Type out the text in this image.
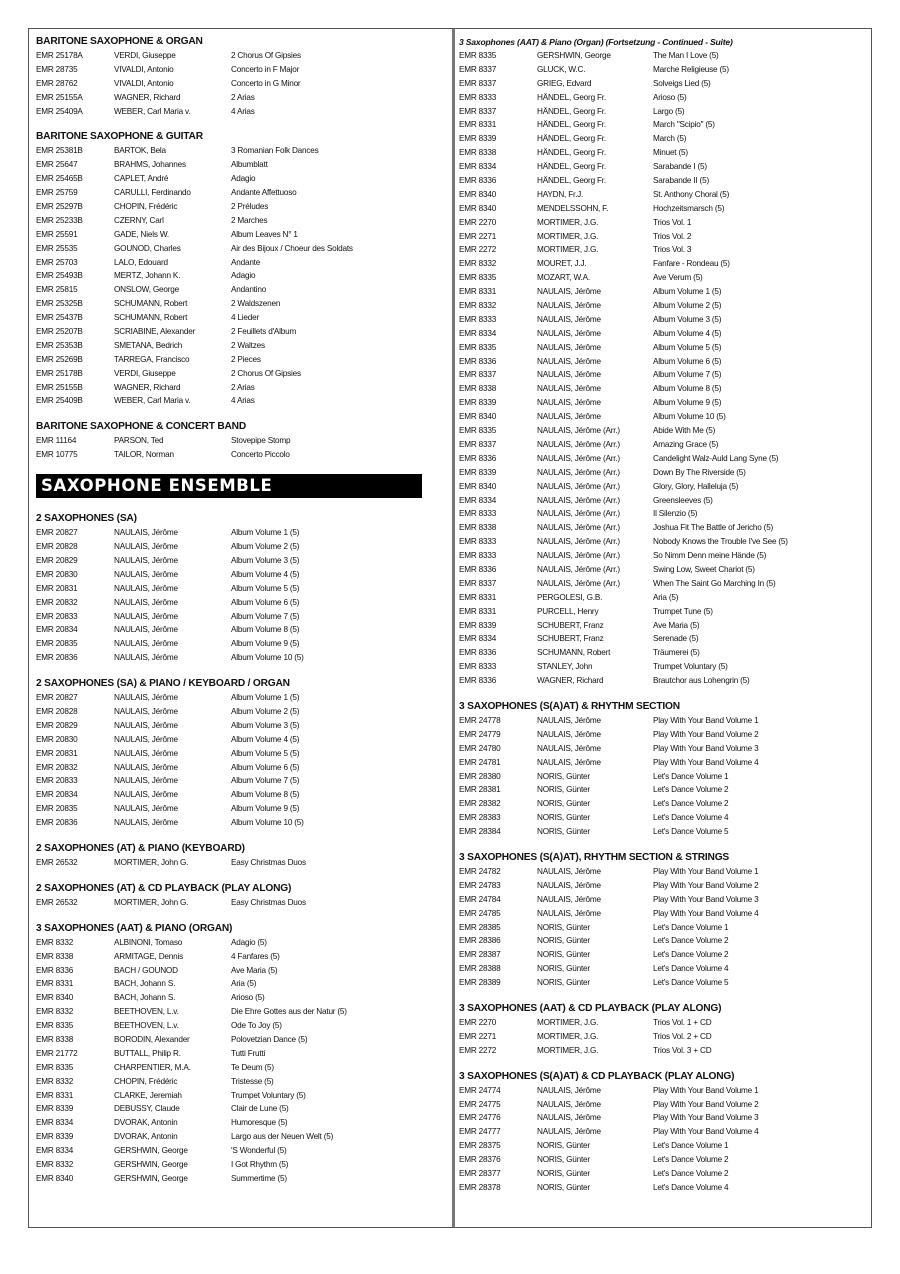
BARITONE SAXOPHONE & ORGAN
EMR 25178A	VERDI, Giuseppe	2 Chorus Of Gipsies
EMR 28735	VIVALDI, Antonio	Concerto in F Major
EMR 28762	VIVALDI, Antonio	Concerto in G Minor
EMR 25155A	WAGNER, Richard	2 Arias
EMR 25409A	WEBER, Carl Maria v.	4 Arias
BARITONE SAXOPHONE & GUITAR
EMR 25381B	BARTOK, Bela	3 Romanian Folk Dances
EMR 25647	BRAHMS, Johannes	Albumblatt
EMR 25465B	CAPLET, André	Adagio
EMR 25759	CARULLI, Ferdinando	Andante Affettuoso
EMR 25297B	CHOPIN, Frédéric	2 Préludes
EMR 25233B	CZERNY, Carl	2 Marches
EMR 25591	GADE, Niels W.	Album Leaves N° 1
EMR 25535	GOUNOD, Charles	Air des Bijoux / Choeur des Soldats
EMR 25703	LALO, Edouard	Andante
EMR 25493B	MERTZ, Johann K.	Adagio
EMR 25815	ONSLOW, George	Andantino
EMR 25325B	SCHUMANN, Robert	2 Waldszenen
EMR 25437B	SCHUMANN, Robert	4 Lieder
EMR 25207B	SCRIABINE, Alexander	2 Feuillets d'Album
EMR 25353B	SMETANA, Bedrich	2 Waltzes
EMR 25269B	TARREGA, Francisco	2 Pieces
EMR 25178B	VERDI, Giuseppe	2 Chorus Of Gipsies
EMR 25155B	WAGNER, Richard	2 Arias
EMR 25409B	WEBER, Carl Maria v.	4 Arias
BARITONE SAXOPHONE & CONCERT BAND
EMR 11164	PARSON, Ted	Stovepipe Stomp
EMR 10775	TAILOR, Norman	Concerto Piccolo
SAXOPHONE ENSEMBLE
2 SAXOPHONES (SA)
EMR 20827	NAULAIS, Jérôme	Album Volume 1 (5)
EMR 20828	NAULAIS, Jérôme	Album Volume 2 (5)
EMR 20829	NAULAIS, Jérôme	Album Volume 3 (5)
EMR 20830	NAULAIS, Jérôme	Album Volume 4 (5)
EMR 20831	NAULAIS, Jérôme	Album Volume 5 (5)
EMR 20832	NAULAIS, Jérôme	Album Volume 6 (5)
EMR 20833	NAULAIS, Jérôme	Album Volume 7 (5)
EMR 20834	NAULAIS, Jérôme	Album Volume 8 (5)
EMR 20835	NAULAIS, Jérôme	Album Volume 9 (5)
EMR 20836	NAULAIS, Jérôme	Album Volume 10 (5)
2 SAXOPHONES (SA) & PIANO / KEYBOARD / ORGAN
EMR 20827	NAULAIS, Jérôme	Album Volume 1 (5)
EMR 20828	NAULAIS, Jérôme	Album Volume 2 (5)
EMR 20829	NAULAIS, Jérôme	Album Volume 3 (5)
EMR 20830	NAULAIS, Jérôme	Album Volume 4 (5)
EMR 20831	NAULAIS, Jérôme	Album Volume 5 (5)
EMR 20832	NAULAIS, Jérôme	Album Volume 6 (5)
EMR 20833	NAULAIS, Jérôme	Album Volume 7 (5)
EMR 20834	NAULAIS, Jérôme	Album Volume 8 (5)
EMR 20835	NAULAIS, Jérôme	Album Volume 9 (5)
EMR 20836	NAULAIS, Jérôme	Album Volume 10 (5)
2 SAXOPHONES (AT) & PIANO (KEYBOARD)
EMR 26532	MORTIMER, John G.	Easy Christmas Duos
2 SAXOPHONES (AT) & CD PLAYBACK (PLAY ALONG)
EMR 26532	MORTIMER, John G.	Easy Christmas Duos
3 SAXOPHONES (AAT) & PIANO (ORGAN)
EMR 8332	ALBINONI, Tomaso	Adagio (5)
EMR 8338	ARMITAGE, Dennis	4 Fanfares (5)
EMR 8336	BACH / GOUNOD	Ave Maria (5)
EMR 8331	BACH, Johann S.	Aria (5)
EMR 8340	BACH, Johann S.	Arioso (5)
EMR 8332	BEETHOVEN, L.v.	Die Ehre Gottes aus der Natur (5)
EMR 8335	BEETHOVEN, L.v.	Ode To Joy (5)
EMR 8338	BORODIN, Alexander	Polovetzian Dance (5)
EMR 21772	BUTTALL, Philip R.	Tutti Frutti
EMR 8335	CHARPENTIER, M.A.	Te Deum (5)
EMR 8332	CHOPIN, Frédéric	Tristesse (5)
EMR 8331	CLARKE, Jeremiah	Trumpet Voluntary (5)
EMR 8339	DEBUSSY, Claude	Clair de Lune (5)
EMR 8334	DVORAK, Antonin	Humoresque (5)
EMR 8339	DVORAK, Antonin	Largo aus der Neuen Welt (5)
EMR 8334	GERSHWIN, George	'S Wonderful (5)
EMR 8332	GERSHWIN, George	I Got Rhythm (5)
EMR 8340	GERSHWIN, George	Summertime (5)
3 Saxophones (AAT) & Piano (Organ) (Fortsetzung - Continued - Suite)
EMR 8335	GERSHWIN, George	The Man I Love (5)
EMR 8337	GLUCK, W.C.	Marche Religieuse (5)
EMR 8337	GRIEG, Edvard	Solveigs Lied (5)
EMR 8333	HÄNDEL, Georg Fr.	Arioso (5)
EMR 8337	HÄNDEL, Georg Fr.	Largo (5)
EMR 8331	HÄNDEL, Georg Fr.	March "Scipio" (5)
EMR 8339	HÄNDEL, Georg Fr.	March (5)
EMR 8338	HÄNDEL, Georg Fr.	Minuet (5)
EMR 8334	HÄNDEL, Georg Fr.	Sarabande I (5)
EMR 8336	HÄNDEL, Georg Fr.	Sarabande II (5)
EMR 8340	HAYDN, Fr.J.	St. Anthony Choral (5)
EMR 8340	MENDELSSOHN, F.	Hochzeitsmarsch (5)
EMR 2270	MORTIMER, J.G.	Trios Vol. 1
EMR 2271	MORTIMER, J.G.	Trios Vol. 2
EMR 2272	MORTIMER, J.G.	Trios Vol. 3
EMR 8332	MOURET, J.J.	Fanfare - Rondeau (5)
EMR 8335	MOZART, W.A.	Ave Verum (5)
EMR 8331	NAULAIS, Jérôme	Album Volume 1 (5)
EMR 8332	NAULAIS, Jérôme	Album Volume 2 (5)
EMR 8333	NAULAIS, Jérôme	Album Volume 3 (5)
EMR 8334	NAULAIS, Jérôme	Album Volume 4 (5)
EMR 8335	NAULAIS, Jérôme	Album Volume 5 (5)
EMR 8336	NAULAIS, Jérôme	Album Volume 6 (5)
EMR 8337	NAULAIS, Jérôme	Album Volume 7 (5)
EMR 8338	NAULAIS, Jérôme	Album Volume 8 (5)
EMR 8339	NAULAIS, Jérôme	Album Volume 9 (5)
EMR 8340	NAULAIS, Jérôme	Album Volume 10 (5)
EMR 8335	NAULAIS, Jérôme (Arr.)	Abide With Me (5)
EMR 8337	NAULAIS, Jérôme (Arr.)	Amazing Grace (5)
EMR 8336	NAULAIS, Jérôme (Arr.)	Candelight Walz-Auld Lang Syne (5)
EMR 8339	NAULAIS, Jérôme (Arr.)	Down By The Riverside (5)
EMR 8340	NAULAIS, Jérôme (Arr.)	Glory, Glory, Halleluja (5)
EMR 8334	NAULAIS, Jérôme (Arr.)	Greensleeves (5)
EMR 8333	NAULAIS, Jérôme (Arr.)	Il Silenzio (5)
EMR 8338	NAULAIS, Jérôme (Arr.)	Joshua Fit The Battle of Jericho (5)
EMR 8333	NAULAIS, Jérôme (Arr.)	Nobody Knows the Trouble I've See (5)
EMR 8333	NAULAIS, Jérôme (Arr.)	So Nimm Denn meine Hände (5)
EMR 8336	NAULAIS, Jérôme (Arr.)	Swing Low, Sweet Chariot (5)
EMR 8337	NAULAIS, Jérôme (Arr.)	When The Saint Go Marching In (5)
EMR 8331	PERGOLESI, G.B.	Aria (5)
EMR 8331	PURCELL, Henry	Trumpet Tune (5)
EMR 8339	SCHUBERT, Franz	Ave Maria (5)
EMR 8334	SCHUBERT, Franz	Serenade (5)
EMR 8336	SCHUMANN, Robert	Träumerei (5)
EMR 8333	STANLEY, John	Trumpet Voluntary (5)
EMR 8336	WAGNER, Richard	Brautchor aus Lohengrin (5)
3 SAXOPHONES (S(A)AT) & RHYTHM SECTION
EMR 24778	NAULAIS, Jérôme	Play With Your Band Volume 1
EMR 24779	NAULAIS, Jérôme	Play With Your Band Volume 2
EMR 24780	NAULAIS, Jérôme	Play With Your Band Volume 3
EMR 24781	NAULAIS, Jérôme	Play With Your Band Volume 4
EMR 28380	NORIS, Günter	Let's Dance Volume 1
EMR 28381	NORIS, Günter	Let's Dance Volume 2
EMR 28382	NORIS, Günter	Let's Dance Volume 2
EMR 28383	NORIS, Günter	Let's Dance Volume 4
EMR 28384	NORIS, Günter	Let's Dance Volume 5
3 SAXOPHONES (S(A)AT), RHYTHM SECTION & STRINGS
EMR 24782	NAULAIS, Jérôme	Play With Your Band Volume 1
EMR 24783	NAULAIS, Jérôme	Play With Your Band Volume 2
EMR 24784	NAULAIS, Jérôme	Play With Your Band Volume 3
EMR 24785	NAULAIS, Jérôme	Play With Your Band Volume 4
EMR 28385	NORIS, Günter	Let's Dance Volume 1
EMR 28386	NORIS, Günter	Let's Dance Volume 2
EMR 28387	NORIS, Günter	Let's Dance Volume 2
EMR 28388	NORIS, Günter	Let's Dance Volume 4
EMR 28389	NORIS, Günter	Let's Dance Volume 5
3 SAXOPHONES (AAT) & CD PLAYBACK (PLAY ALONG)
EMR 2270	MORTIMER, J.G.	Trios Vol. 1 + CD
EMR 2271	MORTIMER, J.G.	Trios Vol. 2 + CD
EMR 2272	MORTIMER, J.G.	Trios Vol. 3 + CD
3 SAXOPHONES (S(A)AT) & CD PLAYBACK (PLAY ALONG)
EMR 24774	NAULAIS, Jérôme	Play With Your Band Volume 1
EMR 24775	NAULAIS, Jérôme	Play With Your Band Volume 2
EMR 24776	NAULAIS, Jérôme	Play With Your Band Volume 3
EMR 24777	NAULAIS, Jérôme	Play With Your Band Volume 4
EMR 28375	NORIS, Günter	Let's Dance Volume 1
EMR 28376	NORIS, Günter	Let's Dance Volume 2
EMR 28377	NORIS, Günter	Let's Dance Volume 2
EMR 28378	NORIS, Günter	Let's Dance Volume 4
